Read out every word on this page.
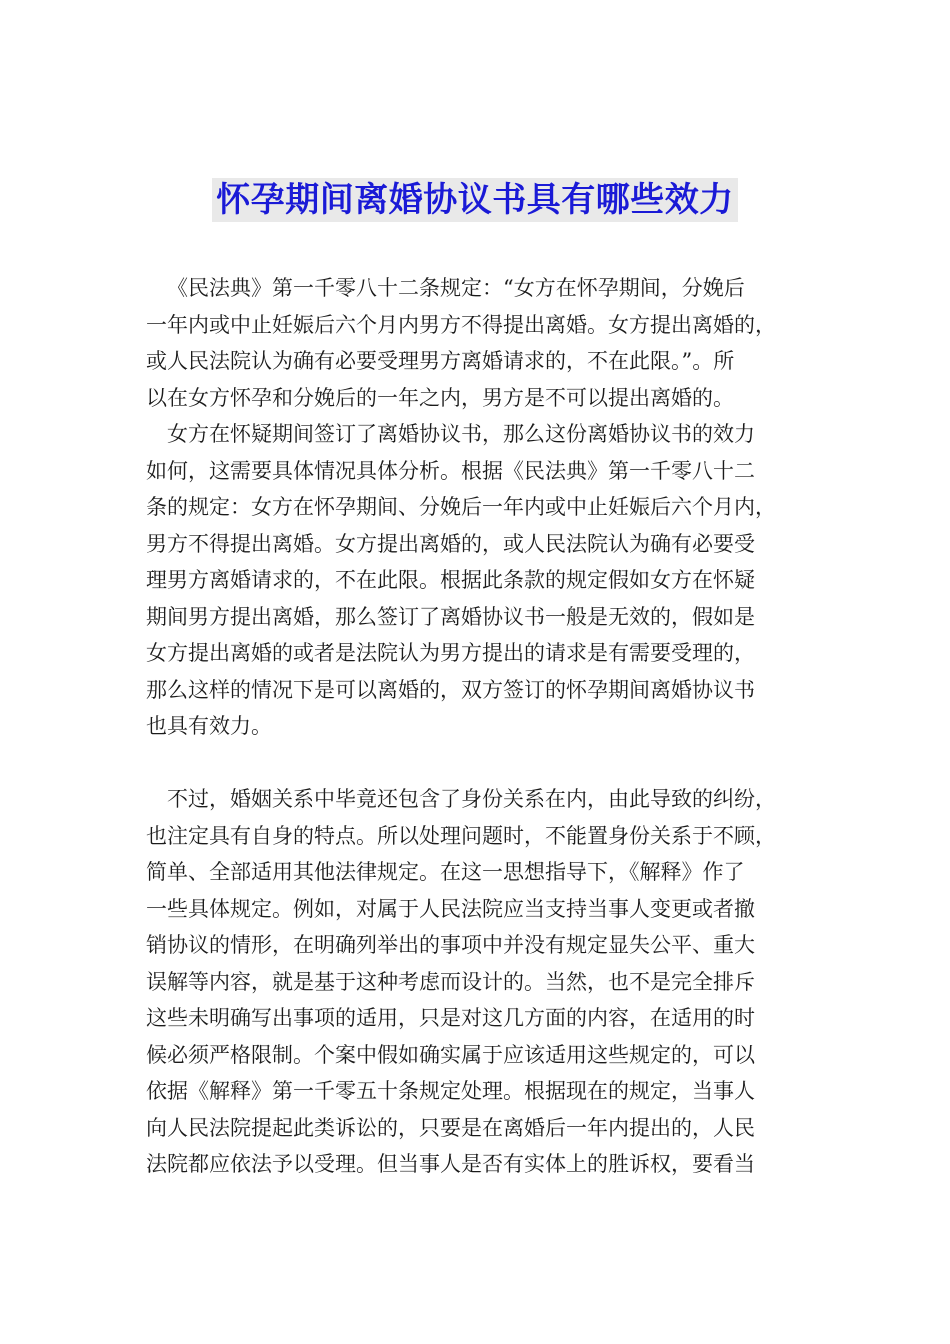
怀孕期间离婚协议书具有哪些效力
《民法典》第一千零八十二条规定：“女方在怀孕期间，分娩后
一年内或中止妊娠后六个月内男方不得提出离婚。女方提出离婚的，
或人民法院认为确有必要受理男方离婚请求的，不在此限。”。所
以在女方怀孕和分娩后的一年之内，男方是不可以提出离婚的。
女方在怀疑期间签订了离婚协议书，那么这份离婚协议书的效力
如何，这需要具体情况具体分析。根据《民法典》第一千零八十二
条的规定：女方在怀孕期间、分娩后一年内或中止妊娠后六个月内，
男方不得提出离婚。女方提出离婚的，或人民法院认为确有必要受
理男方离婚请求的，不在此限。根据此条款的规定假如女方在怀疑
期间男方提出离婚，那么签订了离婚协议书一般是无效的，假如是
女方提出离婚的或者是法院认为男方提出的请求是有需要受理的，
那么这样的情况下是可以离婚的，双方签订的怀孕期间离婚协议书
也具有效力。
不过，婚姻关系中毕竟还包含了身份关系在内，由此导致的纠纷，
也注定具有自身的特点。所以处理问题时，不能置身份关系于不顾，
简单、全部适用其他法律规定。在这一思想指导下，《解释》作了
一些具体规定。例如，对属于人民法院应当支持当事人变更或者撤
销协议的情形，在明确列举出的事项中并没有规定显失公平、重大
误解等内容，就是基于这种考虑而设计的。当然，也不是完全排斥
这些未明确写出事项的适用，只是对这几方面的内容，在适用的时
候必须严格限制。个案中假如确实属于应该适用这些规定的，可以
依据《解释》第一千零五十条规定处理。根据现在的规定，当事人
向人民法院提起此类诉讼的，只要是在离婚后一年内提出的，人民
法院都应依法予以受理。但当事人是否有实体上的胜诉权，要看当
